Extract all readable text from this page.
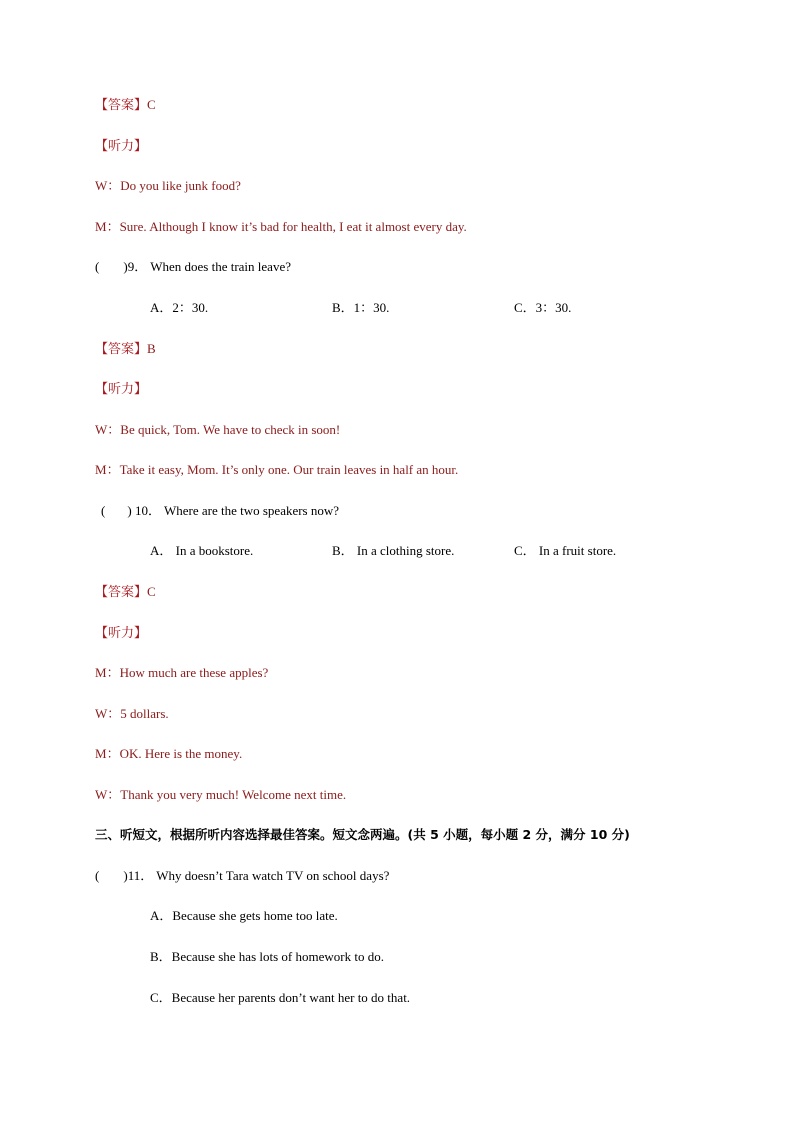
【答案】C
【听力】
W：Do you like junk food?
M：Sure. Although I know it’s bad for health, I eat it almost every day.
( )9． When does the train leave?
A．2：30.	B．1：30.	C．3：30.
【答案】B
【听力】
W：Be quick, Tom. We have to check in soon!
M：Take it easy, Mom. It’s only one. Our train leaves in half an hour.
( ) 10． Where are the two speakers now?
A． In a bookstore.	B． In a clothing store.	C． In a fruit store.
【答案】C
【听力】
M：How much are these apples?
W：5 dollars.
M：OK. Here is the money.
W：Thank you very much! Welcome next time.
三、听短文，根据所听内容选择最佳答案。短文念两遍。(共 5 小题，每小题 2 分，满分 10 分)
( )11． Why doesn’t Tara watch TV on school days?
A．Because she gets home too late.
B．Because she has lots of homework to do.
C．Because her parents don’t want her to do that.
